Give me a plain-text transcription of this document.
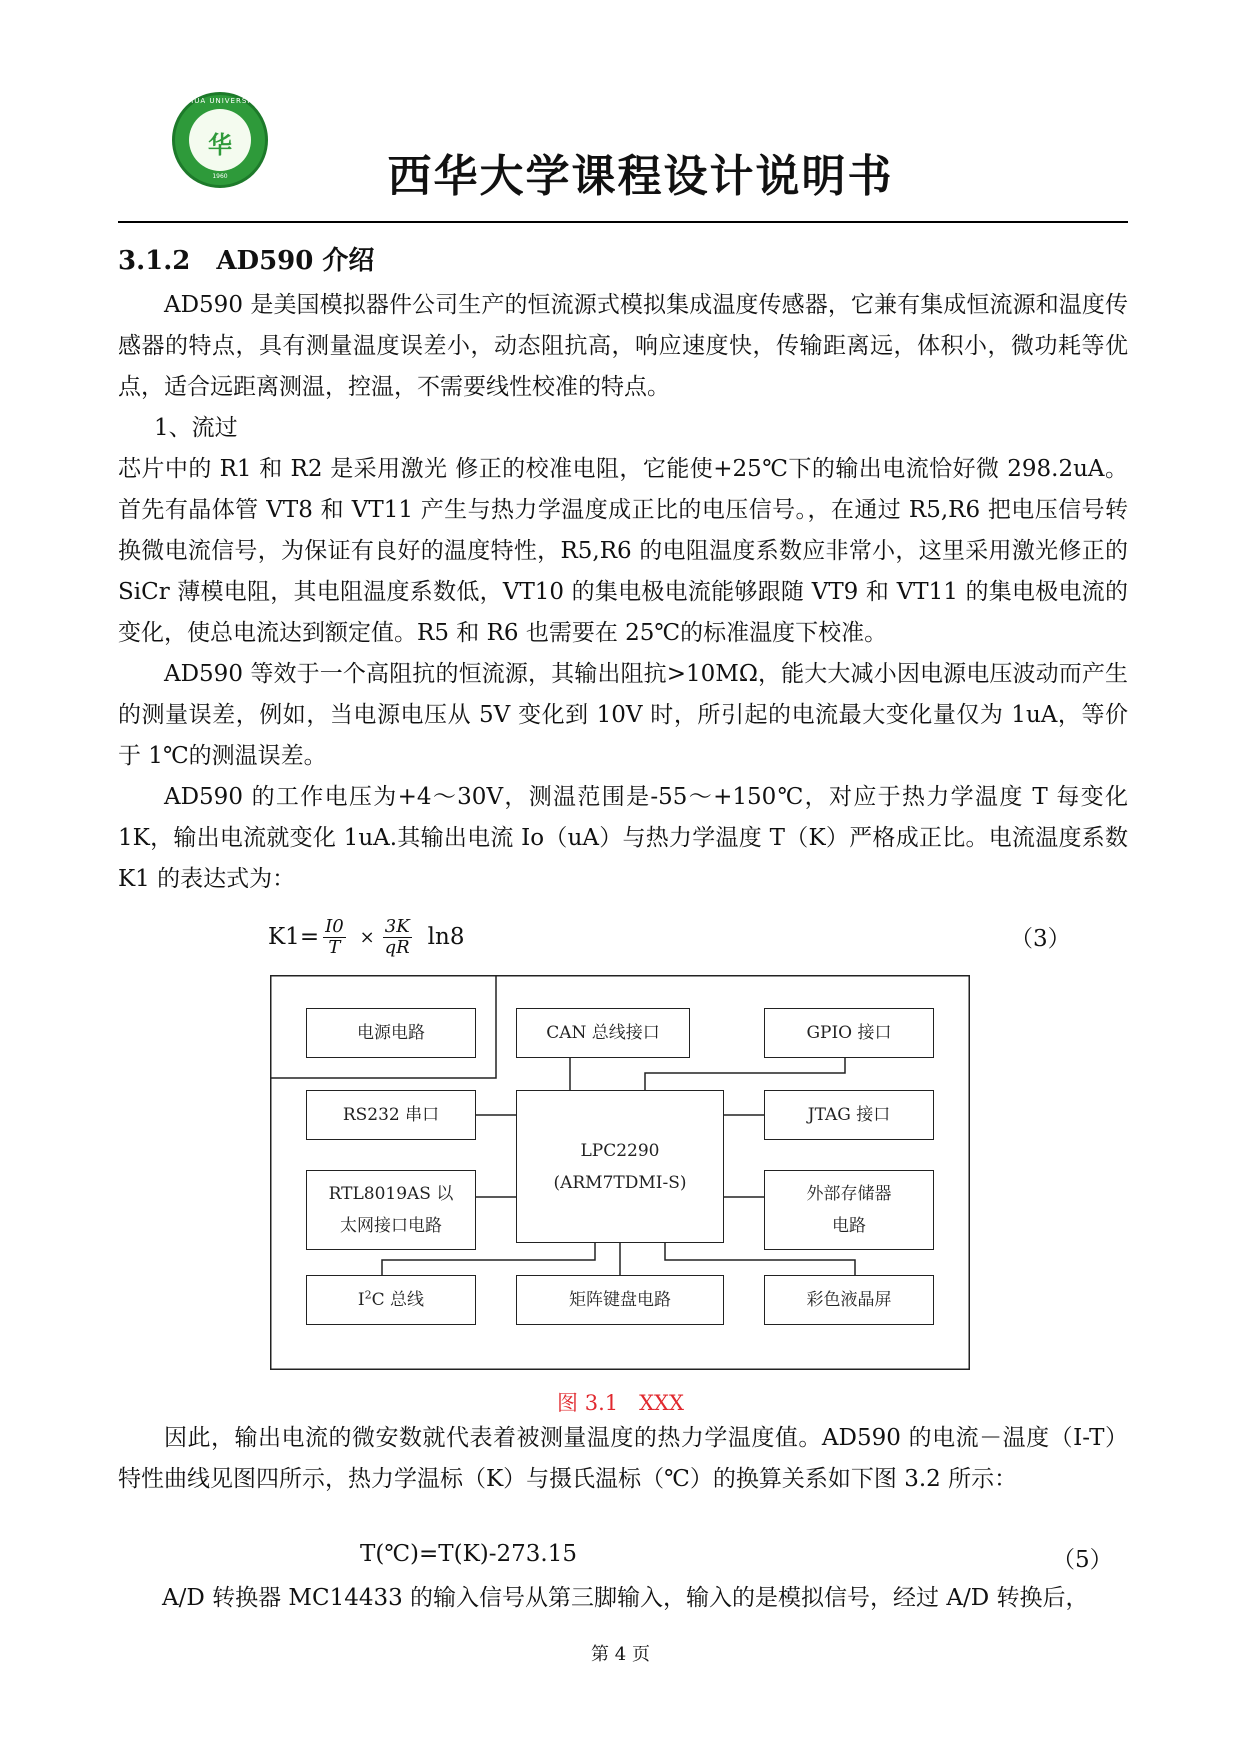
XIHUA UNIVERSITY
华
1960	西华大学课程设计说明书
3.1.2　AD590 介绍
AD590 是美国模拟器件公司生产的恒流源式模拟集成温度传感器，它兼有集成恒流源和温度传感器的特点，具有测量温度误差小，动态阻抗高，响应速度快，传输距离远，体积小，微功耗等优点，适合远距离测温，控温，不需要线性校准的特点。
1、流过
芯片中的 R1 和 R2 是采用激光 修正的校准电阻，它能使+25℃下的输出电流恰好微 298.2uA。首先有晶体管 VT8 和 VT11 产生与热力学温度成正比的电压信号。，在通过 R5,R6 把电压信号转换微电流信号，为保证有良好的温度特性，R5,R6 的电阻温度系数应非常小，这里采用激光修正的 SiCr 薄模电阻，其电阻温度系数低，VT10 的集电极电流能够跟随 VT9 和 VT11 的集电极电流的变化，使总电流达到额定值。R5 和 R6 也需要在 25℃的标准温度下校准。
AD590 等效于一个高阻抗的恒流源，其输出阻抗>10MΩ，能大大减小因电源电压波动而产生的测量误差，例如，当电源电压从 5V 变化到 10V 时，所引起的电流最大变化量仅为 1uA，等价于 1℃的测温误差。
AD590 的工作电压为+4～30V，测温范围是-55～+150℃，对应于热力学温度 T 每变化 1K，输出电流就变化 1uA.其输出电流 Io（uA）与热力学温度 T（K）严格成正比。电流温度系数 K1 的表达式为：
$K1= \frac{I0}{T} \times \frac{3K}{qR} \ln 8$	（3）
电源电路	CAN 总线接口	GPIO 接口
RS232 串口	JTAG 接口
LPC2290
(ARM7TDMI-S)
RTL8019AS 以
太网接口电路
外部存储器
电路
$I^2C$ 总线	矩阵键盘电路	彩色液晶屏
图 3.1　XXX
因此，输出电流的微安数就代表着被测量温度的热力学温度值。AD590 的电流－温度（I-T）特性曲线见图四所示，热力学温标（K）与摄氏温标（℃）的换算关系如下图 3.2 所示：
T(℃)=T(K)-273.15	（5）
A/D 转换器 MC14433 的输入信号从第三脚输入，输入的是模拟信号，经过 A/D 转换后，
第 4 页
